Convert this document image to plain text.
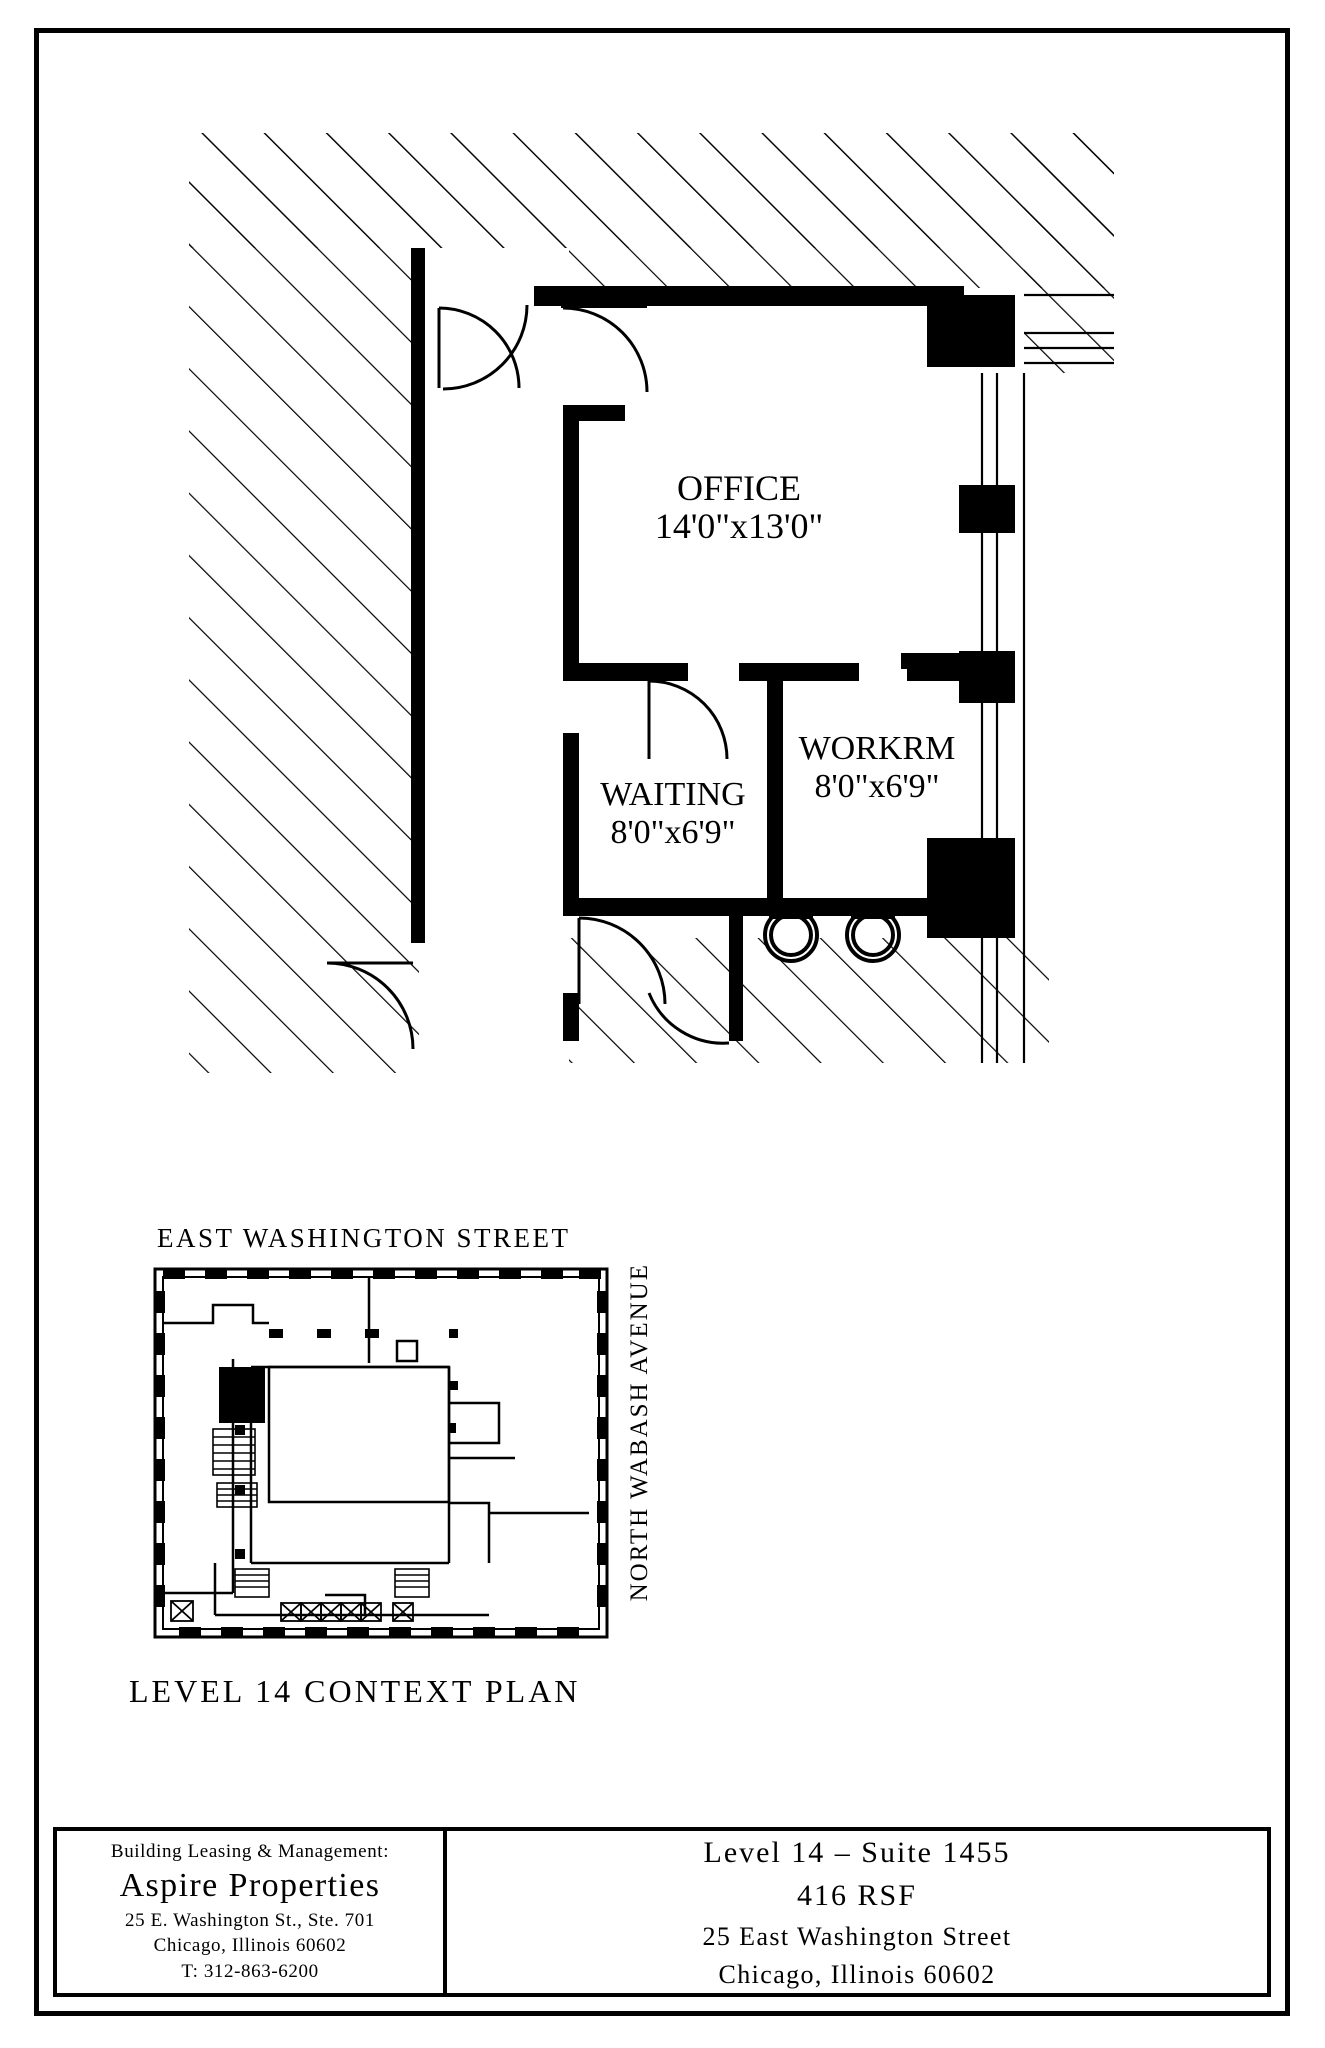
OFFICE
14'0"x13'0"
WAITING
8'0"x6'9"
WORKRM
8'0"x6'9"
EAST WASHINGTON STREET
NORTH WABASH AVENUE
LEVEL 14 CONTEXT PLAN
Building Leasing & Management:
Aspire Properties
25 E. Washington St., Ste. 701
Chicago, Illinois 60602
T: 312-863-6200
Level 14 – Suite 1455
416 RSF
25 East Washington Street
Chicago, Illinois 60602
